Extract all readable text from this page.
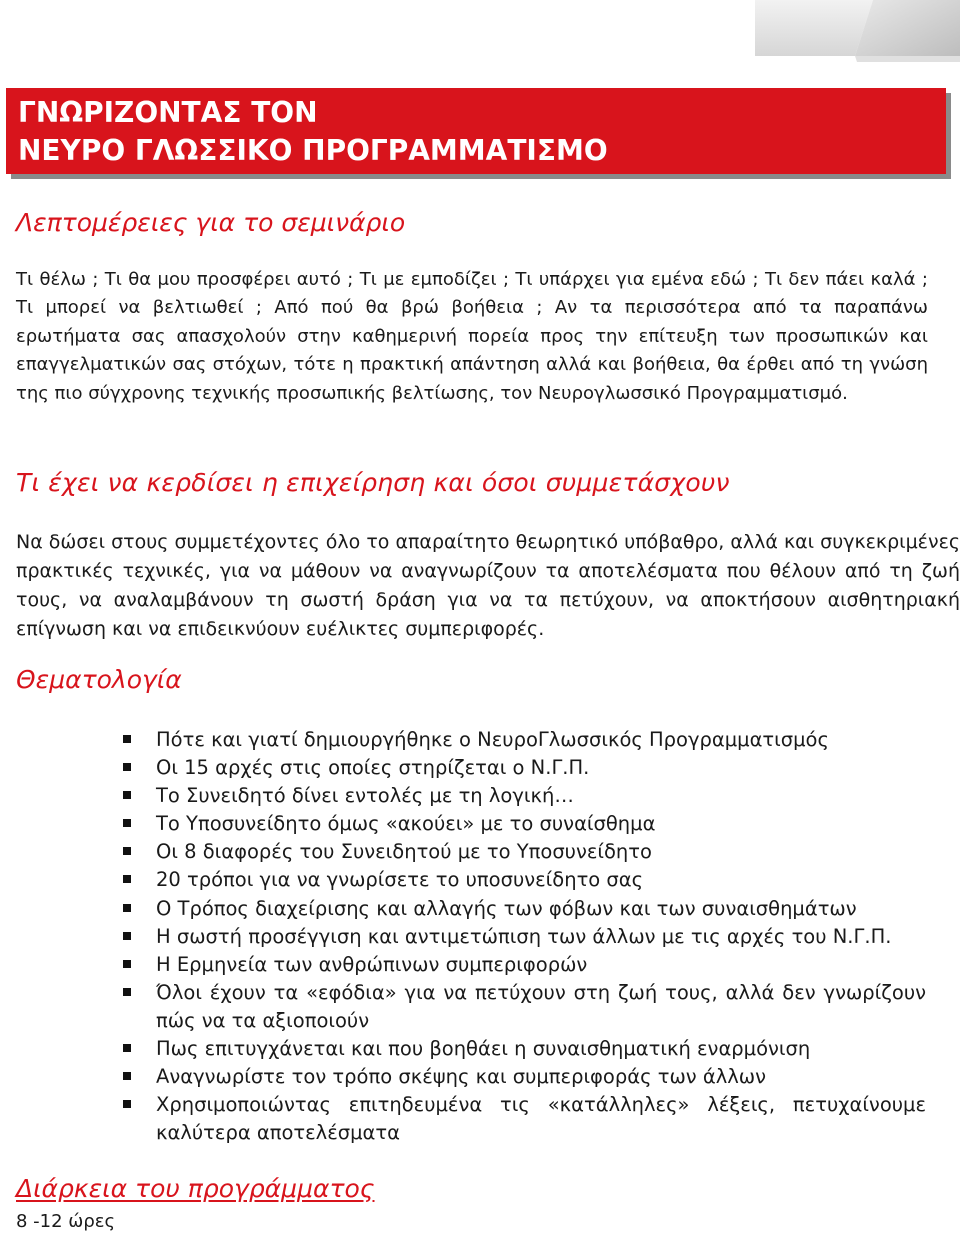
ΓΝΩΡΙΖΟΝΤΑΣ ΤΟΝ
ΝΕΥΡΟ ΓΛΩΣΣΙΚΟ ΠΡΟΓΡΑΜΜΑΤΙΣΜΟ
Λεπτομέρειες για το σεμινάριο

Τι θέλω ; Τι θα μου προσφέρει αυτό ; Τι με εμποδίζει ; Τι υπάρχει για εμένα εδώ ; Τι δεν πάει καλά ; Τι μπορεί να βελτιωθεί ; Από πού θα βρώ βοήθεια ; Αν τα περισσότερα από τα παραπάνω ερωτήματα σας απασχολούν στην καθημερινή πορεία προς την επίτευξη των προσωπικών και επαγγελματικών σας στόχων, τότε η πρακτική απάντηση αλλά και βοήθεια, θα έρθει από τη γνώση της πιο σύγχρονης τεχνικής προσωπικής βελτίωσης, τον Νευρογλωσσικό Προγραμματισμό.

Τι έχει να κερδίσει η επιχείρηση και όσοι συμμετάσχουν

Να δώσει στους συμμετέχοντες όλο το απαραίτητο θεωρητικό υπόβαθρο, αλλά και συγκεκριμένες πρακτικές τεχνικές, για να μάθουν να αναγνωρίζουν τα αποτελέσματα που θέλουν από τη ζωή τους, να αναλαμβάνουν τη σωστή δράση για να τα πετύχουν, να αποκτήσουν αισθητηριακή επίγνωση και να επιδεικνύουν ευέλικτες συμπεριφορές.

Θεματολογία
Πότε και γιατί δημιουργήθηκε ο ΝευροΓλωσσικός Προγραμματισμός
Οι 15 αρχές στις οποίες στηρίζεται ο Ν.Γ.Π.
Το Συνειδητό δίνει εντολές με τη λογική…
Το Υποσυνείδητο όμως «ακούει» με το συναίσθημα
Οι 8 διαφορές του Συνειδητού με το Υποσυνείδητο
20 τρόποι για να γνωρίσετε το υποσυνείδητο σας
Ο Τρόπος διαχείρισης και αλλαγής των φόβων και των συναισθημάτων
Η σωστή προσέγγιση και αντιμετώπιση των άλλων με τις αρχές του Ν.Γ.Π.
Η Ερμηνεία των ανθρώπινων συμπεριφορών
Όλοι έχουν τα «εφόδια» για να πετύχουν στη ζωή τους, αλλά δεν γνωρίζουν πώς να τα αξιοποιούν
Πως επιτυγχάνεται και που βοηθάει η συναισθηματική εναρμόνιση
Αναγνωρίστε τον τρόπο σκέψης και συμπεριφοράς των άλλων
Χρησιμοποιώντας επιτηδευμένα τις «κατάλληλες» λέξεις, πετυχαίνουμε καλύτερα αποτελέσματα
Διάρκεια του προγράμματος
8 -12 ώρες
